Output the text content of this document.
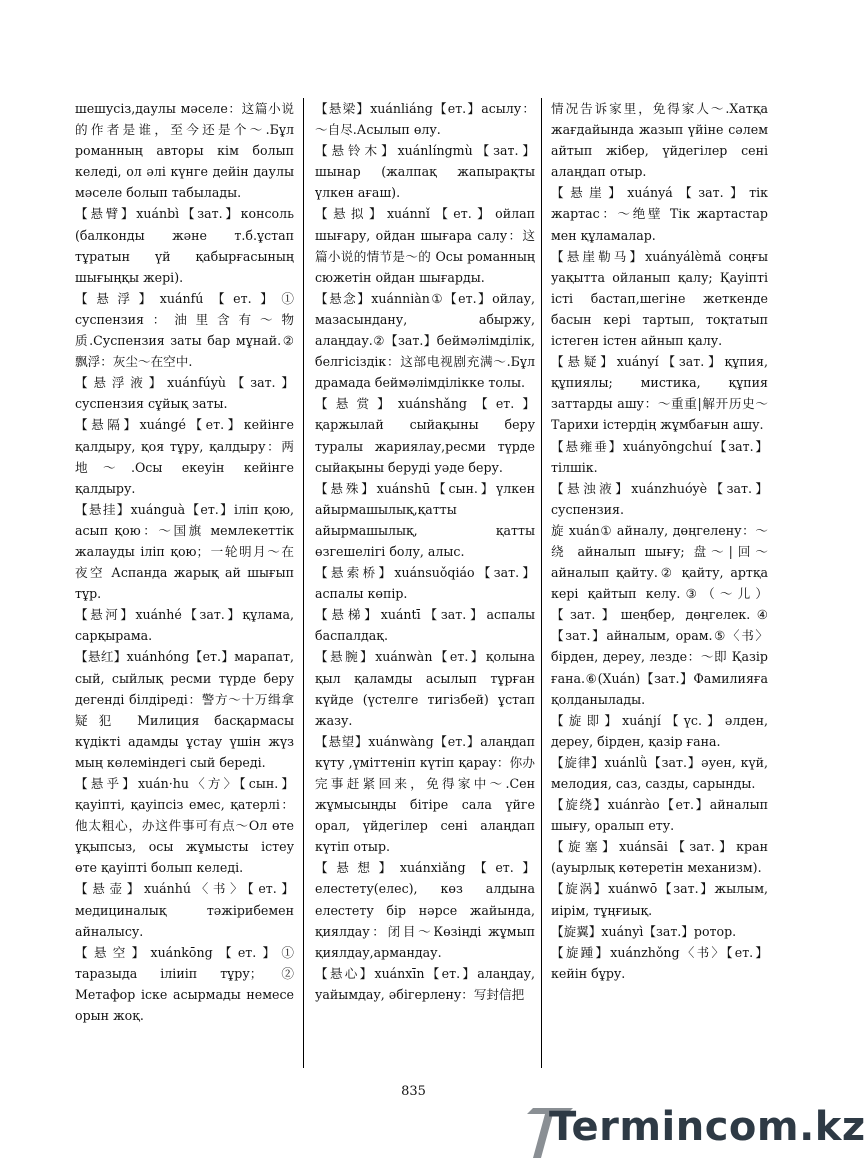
шешусіз,даулы мәселе：这篇小说的作者是谁，至今还是个～.Бұл романның авторы кім болып келеді, ол әлі күнге дейін даулы мәселе болып табылады.

【悬臂】xuánbì【зат.】консоль (балконды және т.б.ұстап тұратын үй қабырғасының шығыңқы жері).

【悬浮】xuánfú【ет.】① суспензия：油里含有～物质.Суспензия заты бар мұнай.② 飘浮：灰尘～在空中.

【悬浮液】xuánfúyù【зат.】суспензия сұйық заты.

【悬隔】xuángé【ет.】кейінге қалдыру, қоя тұру, қалдыру：两地～.Осы екеуін кейінге қалдыру.

【悬挂】xuánguà【ет.】іліп қою, асып қою：～国旗 мемлекеттік жалауды іліп қою；一轮明月～在夜空 Аспанда жарық ай шығып тұр.

【悬河】xuánhé【зат.】құлама, сарқырама.

【悬红】xuánhóng【ет.】марапат, сый, сыйлық ресми түрде беру дегенді білдіреді：警方～十万缉拿疑犯 Милиция басқармасы күдікті адамды ұстау үшін жүз мың көлеміндегі сый береді.

【悬乎】xuán·hu〈方〉【сын.】қауіпті, қауіпсіз емес, қатерлі：他太粗心，办这件事可有点～Ол өте ұқыпсыз, осы жұмысты істеу өте қауіпті болып келеді.

【悬壶】xuánhú〈书〉【ет.】медициналық тәжірибемен айналысу.

【悬空】xuánkōng【ет.】① таразыда іліиіп тұру；② Метафор іске асырмады немесе орын жоқ.

【悬梁】xuánliáng【ет.】асылу：～自尽.Асылып өлу.

【悬铃木】xuánlíngmù【зат.】шынар (жалпақ жапырақты үлкен ағаш).

【悬拟】xuánnǐ【ет.】ойлап шығару, ойдан шығара салу：这篇小说的情节是～的 Осы романның сюжетін ойдан шығарды.

【悬念】xuánniàn①【ет.】ойлау, мазасындану, абыржу, алаңдау.②【зат.】беймәлімділік, белгісіздік：这部电视剧充满～.Бұл драмада беймәлімділікке толы.

【悬赏】xuánshǎng【ет.】қаржылай сыйақыны беру туралы жариялау,ресми түрде сыйақыны беруді уәде беру.

【悬殊】xuánshū【сын.】үлкен айырмашылық,қатты айырмашылық, қатты өзгешелігі болу, алыс.

【悬索桥】xuánsuǒqiáo【зат.】аспалы көпір.

【悬梯】xuántī【зат.】аспалы баспалдақ.

【悬腕】xuánwàn【ет.】қолына қыл қаламды асылып тұрған күйде (үстелге тигізбей) ұстап жазу.

【悬望】xuánwàng【ет.】алаңдап күту ,үміттеніп күтіп қарау：你办完事赶紧回来，免得家中～.Сен жұмысыңды бітіре сала үйге орал, үйдегілер сені алаңдап күтіп отыр.

【悬想】xuánxiǎng【ет.】елестету(елес), көз алдына елестету бір нәрсе жайында, қиялдау：闭目～Көзіңді жұмып қиялдау,армандау.

【悬心】xuánxīn【ет.】алаңдау, уайымдау, әбігерлену：写封信把

情况告诉家里，免得家人～.Хатқа жағдайында жазып үйіне сәлем айтып жібер, үйдегілер сені алаңдап отыр.

【悬崖】xuányá【зат.】тік жартас：～绝壁 Тік жартастар мен құламалар.

【悬崖勒马】xuányálèmǎ соңғы уақытта ойланып қалу; Қауіпті істі бастап,шегіне жеткенде басын кері тартып, тоқтатып істеген істен айнып қалу.

【悬疑】xuányí【зат.】құпия, құпиялы; мистика, құпия заттарды ашу：～重重|解开历史～Тарихи істердің жұмбағын ашу.

【悬雍垂】xuányōngchuí【зат.】тілшік.

【悬浊液】xuánzhuóyè【зат.】суспензия.

旋 xuán① айналу, дөңгелену：～绕 айналып шығу; 盘～|回～ айналып қайту.② қайту, артқа кері қайтып келу.③（～儿）【зат.】шеңбер, дөңгелек.④【зат.】айналым, орам.⑤〈书〉бірден, дереу, лезде：～即 Қазір ғана.⑥(Xuán)【зат.】Фамилияға қолданылады.

【旋即】xuánjí【үс.】әлден, дереу, бірден, қазір ғана.

【旋律】xuánlǜ【зат.】әуен, күй, мелодия, саз, сазды, сарынды.

【旋绕】xuánrào【ет.】айналып шығу, оралып ету.

【旋塞】xuánsāi【зат.】кран (ауырлық көтеретін механизм).

【旋涡】xuánwō【зат.】жылым, иірім, тұңғиық.

【旋翼】xuányì【зат.】ротор.

【旋踵】xuánzhǒng〈书〉【ет.】кейін бұру.

835
Termincom.kz
